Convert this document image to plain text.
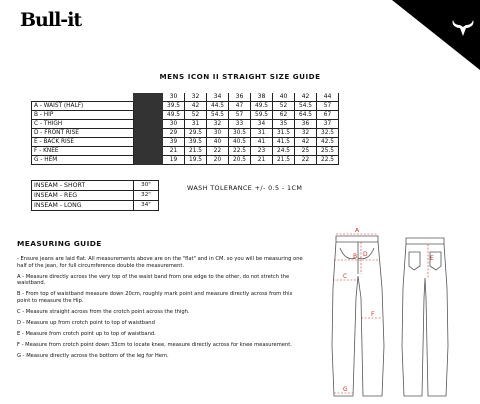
Bull-it
MENS ICON II STRAIGHT SIZE GUIDE
		30	32	34	36	38	40	42	44
A - WAIST (HALF)		39.5	42	44.5	47	49.5	52	54.5	57
B - HIP		49.5	52	54.5	57	59.5	62	64.5	67
C - THIGH		30	31	32	33	34	35	36	37
D - FRONT RISE		29	29.5	30	30.5	31	31.5	32	32.5
E - BACK RISE		39	39.5	40	40.5	41	41.5	42	42.5
F - KNEE		21	21.5	22	22.5	23	24.5	25	25.5
G - HEM		19	19.5	20	20.5	21	21.5	22	22.5
INSEAM - SHORT	30"
INSEAM - REG	32"
INSEAM - LONG	34"
WASH TOLERANCE +/- 0.5 - 1CM
MEASURING GUIDE

- Ensure jeans are laid flat. All measurements above are on the "flat" and in CM. so you will be measuring one half of the jean, for full circumference double the measurement.

A - Measure directly across the very top of the waist band from one edge to the other, do not stretch the waistband.

B - From top of waistband measure down 20cm, roughly mark point and measure directly across from this point to measure the Hip.

C - Measure straight across from the crotch point across the thigh.

D - Measure up from crotch point to top of waistband

E - Measure from crotch point up to top of waistband.

F - Measure from crotch point down 33cm to locate knee, measure directly across for knee measurement.

G - Measure directly across the bottom of the leg for Hem.

A
B
C
D
E
F
G
